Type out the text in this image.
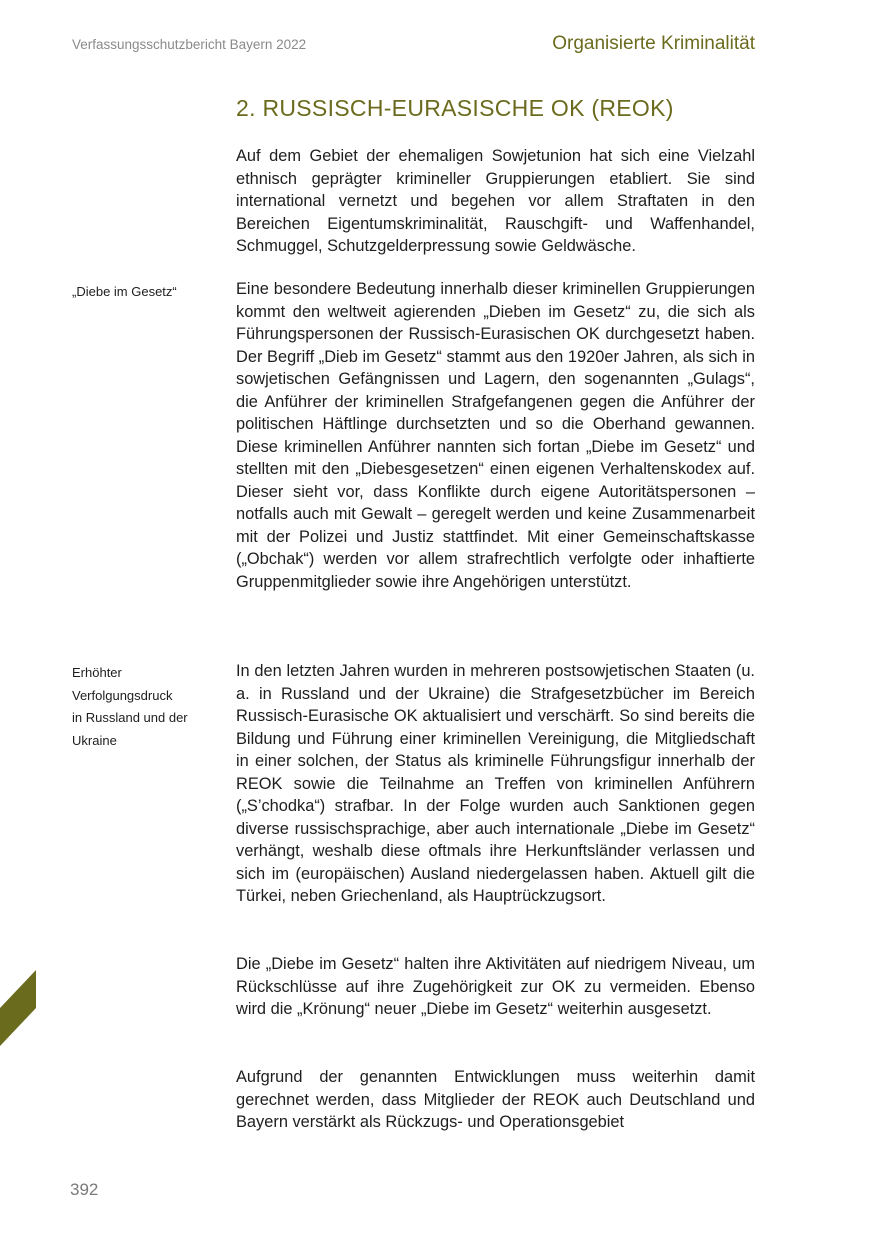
Verfassungsschutzbericht Bayern 2022	Organisierte Kriminalität
2. RUSSISCH-EURASISCHE OK (REOK)

Auf dem Gebiet der ehemaligen Sowjetunion hat sich eine Vielzahl ethnisch geprägter krimineller Gruppierungen etabliert. Sie sind international vernetzt und begehen vor allem Straftaten in den Bereichen Eigentumskriminalität, Rauschgift- und Waffenhandel, Schmuggel, Schutzgelderpressung sowie Geldwäsche.

„Diebe im Gesetz“	Eine besondere Bedeutung innerhalb dieser kriminellen Gruppierungen kommt den weltweit agierenden „Dieben im Gesetz“ zu, die sich als Führungspersonen der Russisch-Eurasischen OK durchgesetzt haben. Der Begriff „Dieb im Gesetz“ stammt aus den 1920er Jahren, als sich in sowjetischen Gefängnissen und Lagern, den sogenannten „Gulags“, die Anführer der kriminellen Strafgefangenen gegen die Anführer der politischen Häftlinge durchsetzten und so die Oberhand gewannen. Diese kriminellen Anführer nannten sich fortan „Diebe im Gesetz“ und stellten mit den „Diebesgesetzen“ einen eigenen Verhaltenskodex auf. Dieser sieht vor, dass Konflikte durch eigene Autoritätspersonen – notfalls auch mit Gewalt – geregelt werden und keine Zusammenarbeit mit der Polizei und Justiz stattfindet. Mit einer Gemeinschaftskasse („Obchak“) werden vor allem strafrechtlich verfolgte oder inhaftierte Gruppenmitglieder sowie ihre Angehörigen unterstützt.

Erhöhter
Verfolgungsdruck
in Russland und der
Ukraine

In den letzten Jahren wurden in mehreren postsowjetischen Staaten (u. a. in Russland und der Ukraine) die Strafgesetzbücher im Bereich Russisch-Eurasische OK aktualisiert und verschärft. So sind bereits die Bildung und Führung einer kriminellen Vereinigung, die Mitgliedschaft in einer solchen, der Status als kriminelle Führungsfigur innerhalb der REOK sowie die Teilnahme an Treffen von kriminellen Anführern („S’chodka“) strafbar. In der Folge wurden auch Sanktionen gegen diverse russischsprachige, aber auch internationale „Diebe im Gesetz“ verhängt, weshalb diese oftmals ihre Herkunftsländer verlassen und sich im (europäischen) Ausland niedergelassen haben. Aktuell gilt die Türkei, neben Griechenland, als Hauptrückzugsort.

Die „Diebe im Gesetz“ halten ihre Aktivitäten auf niedrigem Niveau, um Rückschlüsse auf ihre Zugehörigkeit zur OK zu vermeiden. Ebenso wird die „Krönung“ neuer „Diebe im Gesetz“ weiterhin ausgesetzt.

Aufgrund der genannten Entwicklungen muss weiterhin damit gerechnet werden, dass Mitglieder der REOK auch Deutschland und Bayern verstärkt als Rückzugs- und Operationsgebiet

392
